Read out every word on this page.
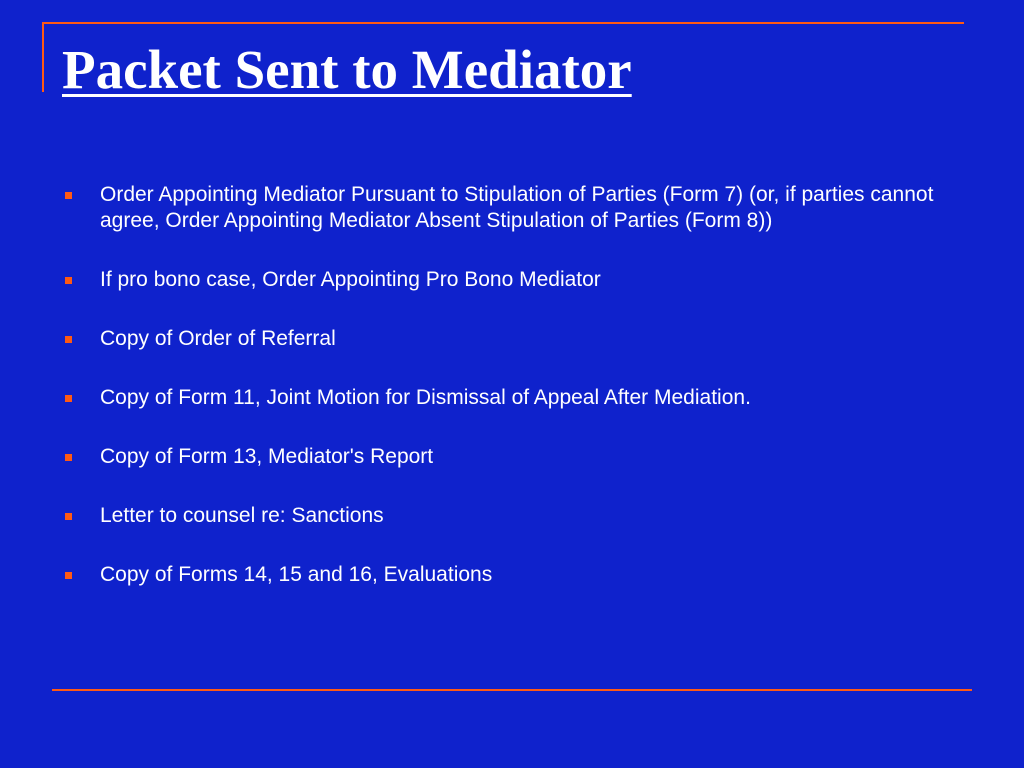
Packet Sent to Mediator
Order Appointing Mediator Pursuant to Stipulation of Parties (Form 7) (or, if parties cannot agree, Order Appointing Mediator Absent Stipulation of Parties (Form 8))
If pro bono case, Order Appointing Pro Bono Mediator
Copy of Order of Referral
Copy of Form 11, Joint Motion for Dismissal of Appeal After Mediation.
Copy of Form 13, Mediator's Report
Letter to counsel re: Sanctions
Copy of Forms 14, 15 and 16, Evaluations
